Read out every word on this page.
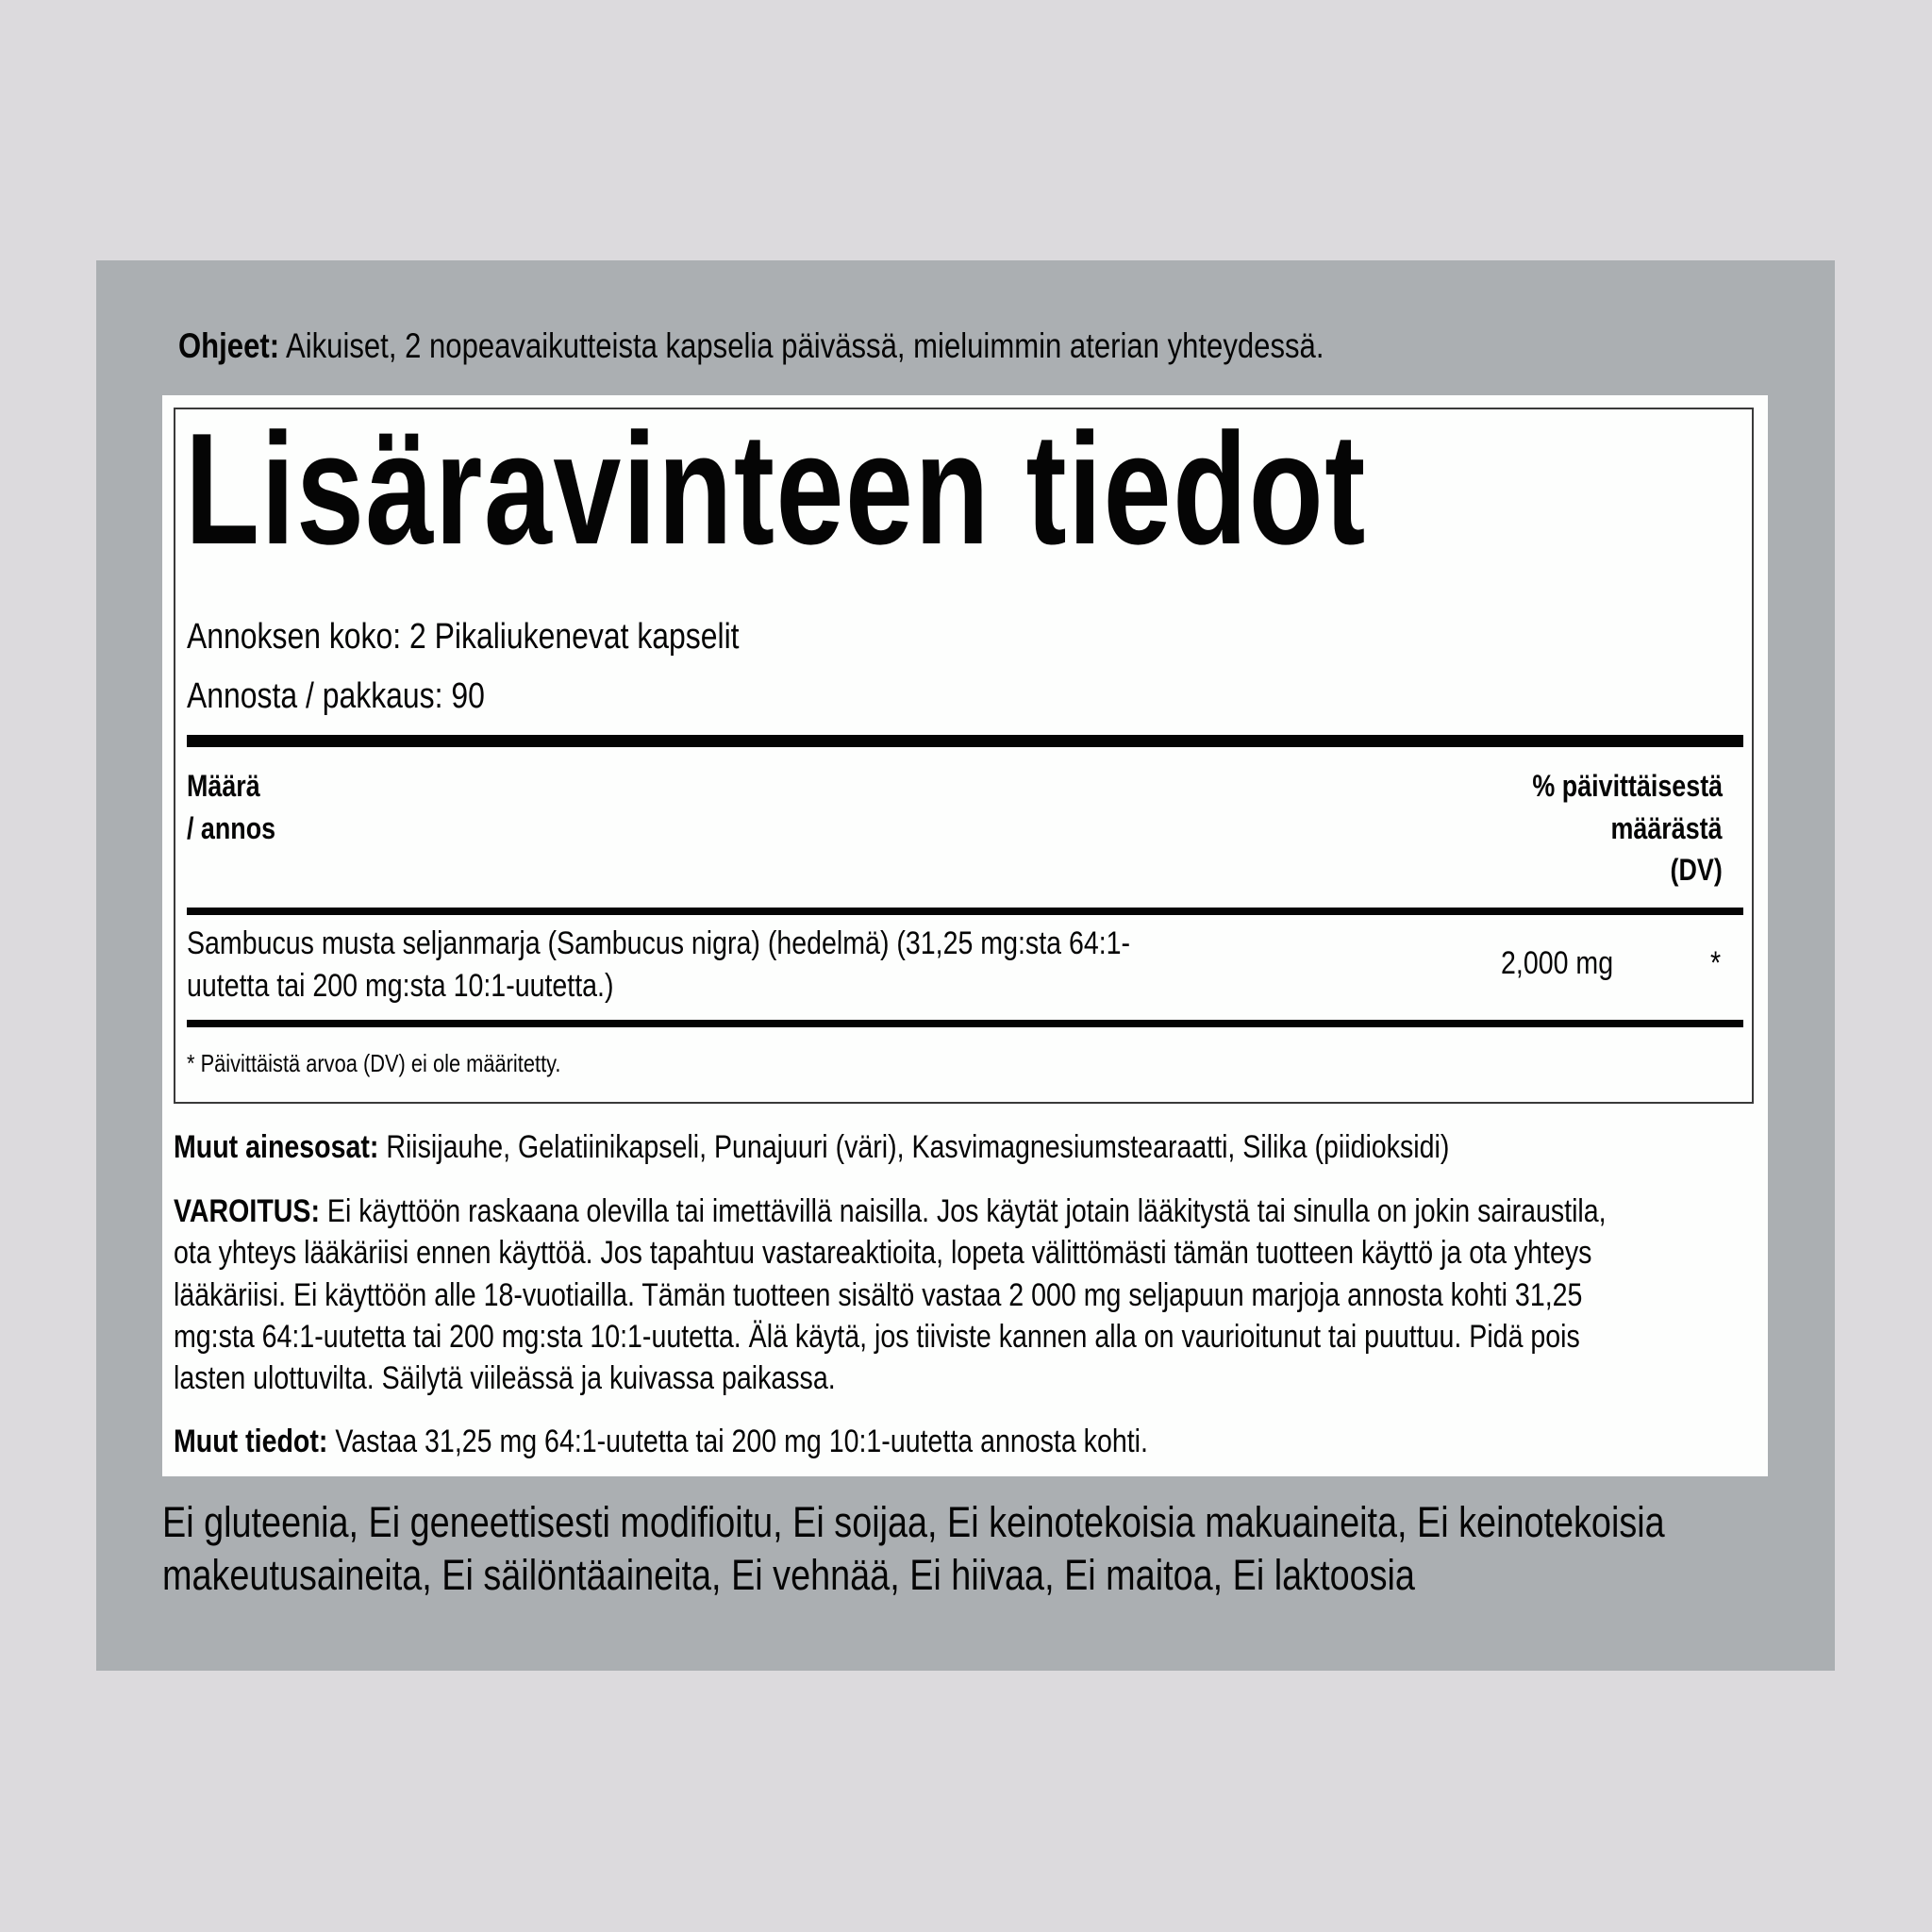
Ohjeet: Aikuiset, 2 nopeavaikutteista kapselia päivässä, mieluimmin aterian yhteydessä.
Lisäravinteen tiedot
Annoksen koko: 2 Pikaliukenevat kapselit
Annosta / pakkaus: 90
Määrä
/ annos
% päivittäisestä
määrästä
(DV)
Sambucus musta seljanmarja (Sambucus nigra) (hedelmä) (31,25 mg:sta 64:1-
uutetta tai 200 mg:sta 10:1-uutetta.)
2,000 mg	*
* Päivittäistä arvoa (DV) ei ole määritetty.
Muut ainesosat: Riisijauhe, Gelatiinikapseli, Punajuuri (väri), Kasvimagnesiumstearaatti, Silika (piidioksidi)
VAROITUS: Ei käyttöön raskaana olevilla tai imettävillä naisilla. Jos käytät jotain lääkitystä tai sinulla on jokin sairaustila,
ota yhteys lääkäriisi ennen käyttöä. Jos tapahtuu vastareaktioita, lopeta välittömästi tämän tuotteen käyttö ja ota yhteys
lääkäriisi. Ei käyttöön alle 18-vuotiailla. Tämän tuotteen sisältö vastaa 2 000 mg seljapuun marjoja annosta kohti 31,25
mg:sta 64:1-uutetta tai 200 mg:sta 10:1-uutetta. Älä käytä, jos tiiviste kannen alla on vaurioitunut tai puuttuu. Pidä pois
lasten ulottuvilta. Säilytä viileässä ja kuivassa paikassa.
Muut tiedot: Vastaa 31,25 mg 64:1-uutetta tai 200 mg 10:1-uutetta annosta kohti.
Ei gluteenia, Ei geneettisesti modifioitu, Ei soijaa, Ei keinotekoisia makuaineita, Ei keinotekoisia
makeutusaineita, Ei säilöntäaineita, Ei vehnää, Ei hiivaa, Ei maitoa, Ei laktoosia
